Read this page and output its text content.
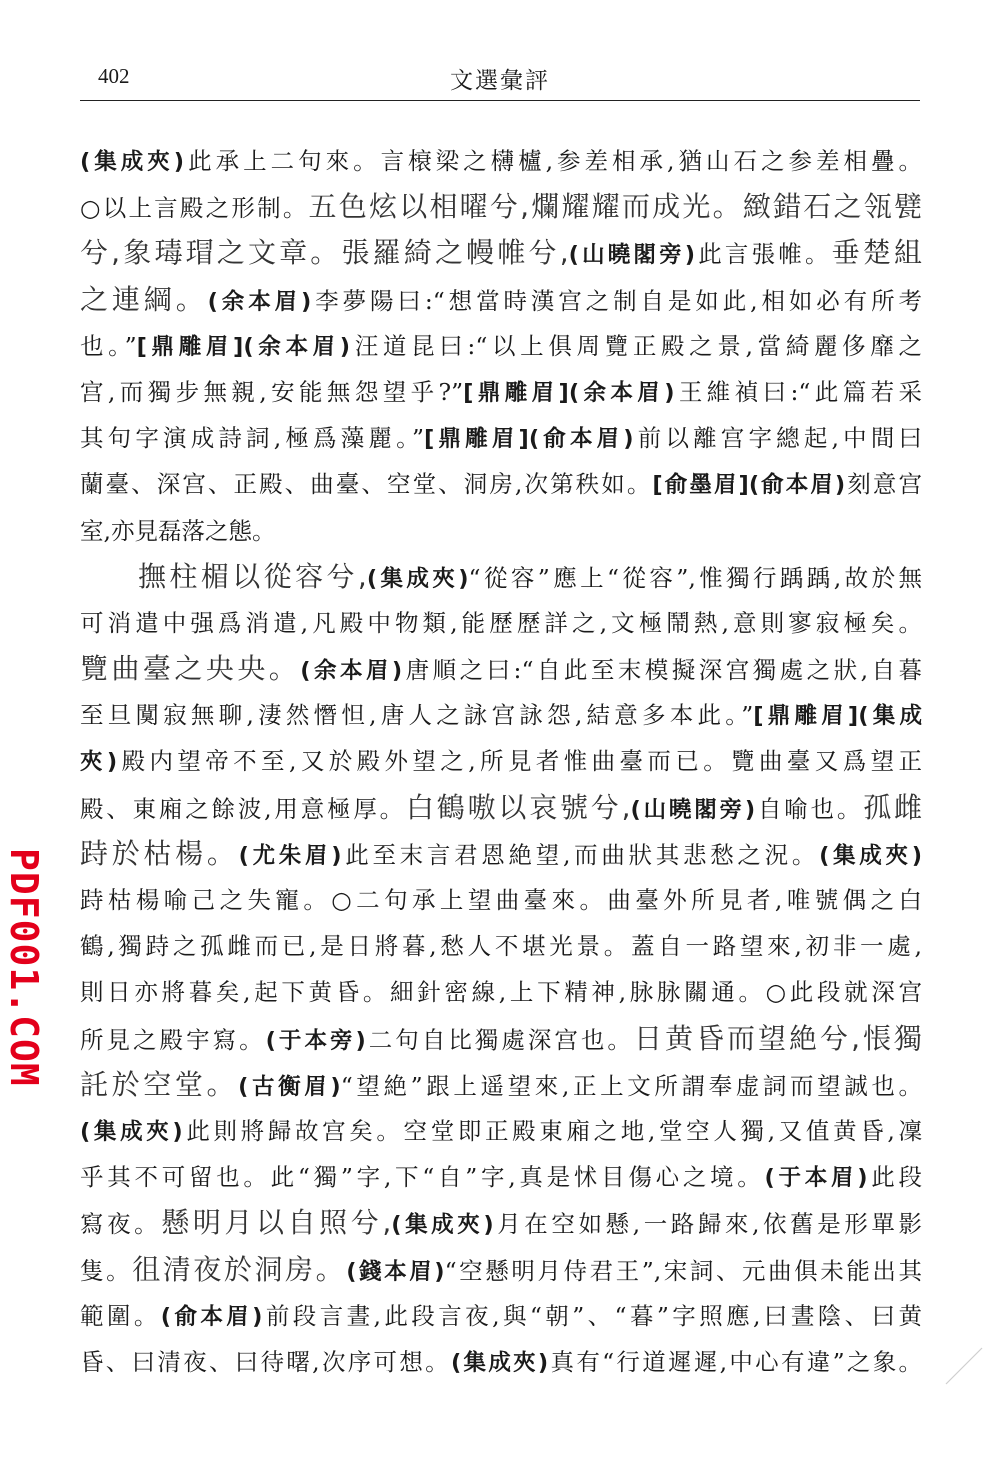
402	文選彙評
(集成夾)此承上二句來。言榱梁之欂櫨,参差相承,猶山石之参差相疊。
○以上言殿之形制。五色炫以相曜兮,爛耀耀而成光。緻錯石之瓴甓
兮,象瑇瑁之文章。張羅綺之幔帷兮,(山曉閣旁)此言張帷。垂楚組
之連綱。(余本眉)李夢陽曰:“想當時漢宫之制自是如此,相如必有所考
也。”[鼎雕眉](余本眉)汪道昆曰:“以上俱周覽正殿之景,當綺麗侈靡之
宫,而獨步無親,安能無怨望乎?”[鼎雕眉](余本眉)王維禎曰:“此篇若采
其句字演成詩詞,極爲藻麗。”[鼎雕眉](俞本眉)前以離宫字總起,中間曰
蘭臺、深宫、正殿、曲臺、空堂、洞房,次第秩如。[俞墨眉](俞本眉)刻意宫
室,亦見磊落之態。
撫柱楣以從容兮,(集成夾)“從容”應上“從容”,惟獨行踽踽,故於無
可消遣中强爲消遣,凡殿中物類,能歷歷詳之,文極鬧熱,意則寥寂極矣。
覽曲臺之央央。(余本眉)唐順之曰:“自此至末模擬深宫獨處之狀,自暮
至旦闃寂無聊,淒然憯怛,唐人之詠宫詠怨,結意多本此。”[鼎雕眉](集成
夾)殿内望帝不至,又於殿外望之,所見者惟曲臺而已。覽曲臺又爲望正
殿、東廂之餘波,用意極厚。白鶴嗷以哀號兮,(山曉閣旁)自喻也。孤雌
跱於枯楊。(尤朱眉)此至末言君恩絶望,而曲狀其悲愁之況。(集成夾)
跱枯楊喻己之失寵。○二句承上望曲臺來。曲臺外所見者,唯號偶之白
鶴,獨跱之孤雌而已,是日將暮,愁人不堪光景。蓋自一路望來,初非一處,
則日亦將暮矣,起下黄昏。細針密線,上下精神,脉脉關通。○此段就深宫
所見之殿宇寫。(于本旁)二句自比獨處深宫也。日黄昏而望絶兮,悵獨
託於空堂。(古衡眉)“望絶”跟上遥望來,正上文所謂奉虚詞而望誠也。
(集成夾)此則將歸故宫矣。空堂即正殿東廂之地,堂空人獨,又值黄昏,凜
乎其不可留也。此“獨”字,下“自”字,真是怵目傷心之境。(于本眉)此段
寫夜。懸明月以自照兮,(集成夾)月在空如懸,一路歸來,依舊是形單影
隻。徂清夜於洞房。(錢本眉)“空懸明月侍君王”,宋詞、元曲俱未能出其
範圍。(俞本眉)前段言晝,此段言夜,與“朝”、“暮”字照應,曰晝陰、曰黄
昏、曰清夜、曰待曙,次序可想。(集成夾)真有“行道遲遲,中心有違”之象。
PDF001.COM
